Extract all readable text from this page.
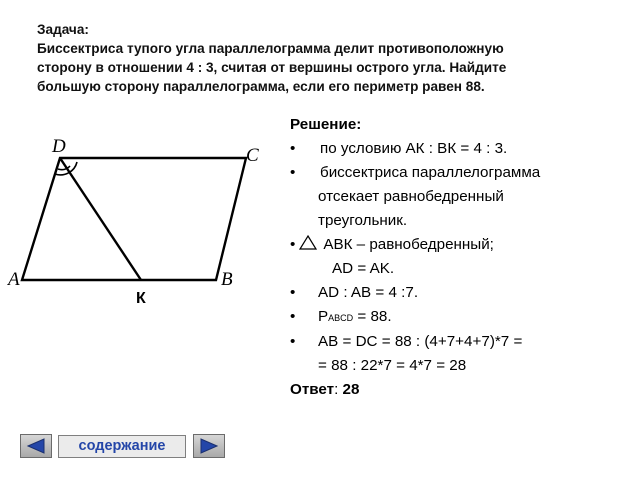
Задача:
Биссектриса тупого угла параллелограмма делит противоположную
сторону в отношении 4 : 3, считая от вершины острого угла. Найдите
большую сторону параллелограмма, если его периметр равен 88.
D	C
A	B
К
Решение:
•	по условию АК : ВК = 4 : 3.
•	биссектриса параллелограмма
отсекает равнобедренный
треугольник.
• АВК – равнобедренный;
AD = AK.
•	AD : AB = 4 :7.
•	PABCD = 88.
•	AB = DC = 88 : (4+7+4+7)*7 =
= 88 : 22*7 = 4*7 = 28
Ответ: 28
содержание
